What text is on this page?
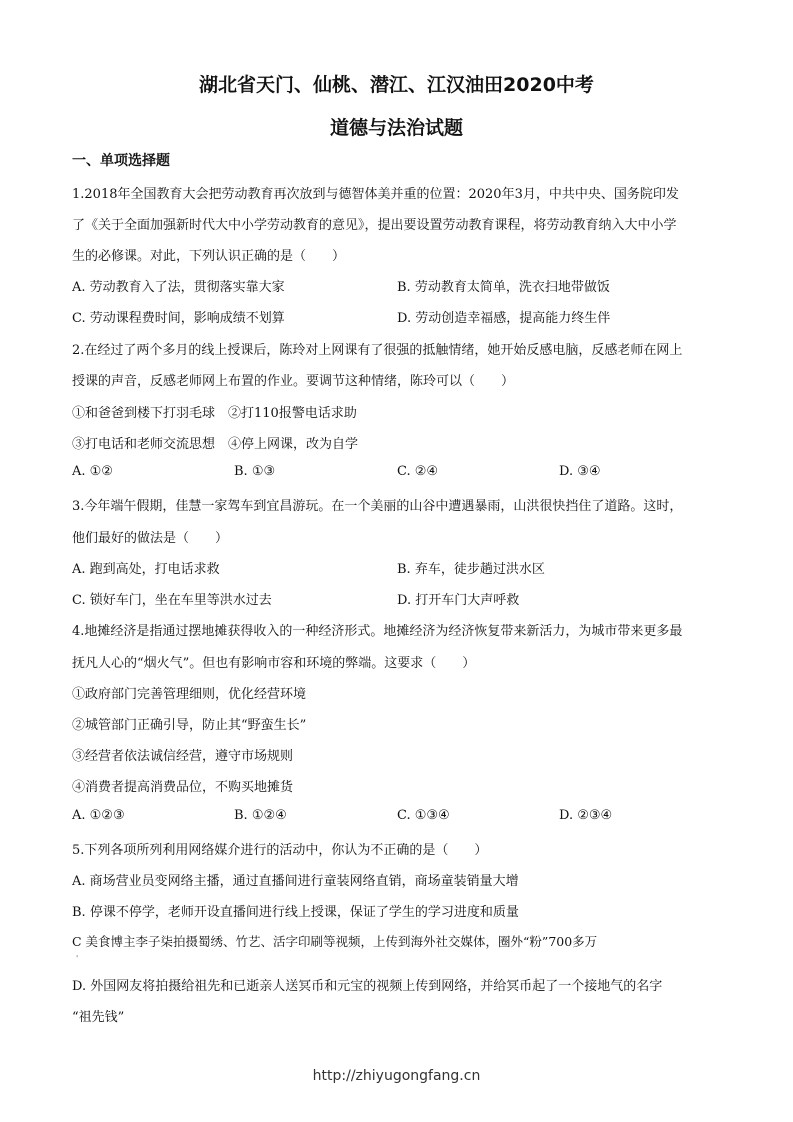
湖北省天门、仙桃、潜江、江汉油田2020中考
道德与法治试题
一、单项选择题
1.2018年全国教育大会把劳动教育再次放到与德智体美并重的位置：2020年3月，中共中央、国务院印发
了《关于全面加强新时代大中小学劳动教育的意见》，提出要设置劳动教育课程，将劳动教育纳入大中小学
生的必修课。对此，下列认识正确的是（　　）
A. 劳动教育入了法，贯彻落实靠大家	B. 劳动教育太简单，洗衣扫地带做饭
C. 劳动课程费时间，影响成绩不划算	D. 劳动创造幸福感，提高能力终生伴
2.在经过了两个多月的线上授课后，陈玲对上网课有了很强的抵触情绪，她开始反感电脑，反感老师在网上
授课的声音，反感老师网上布置的作业。要调节这种情绪，陈玲可以（　　）
①和爸爸到楼下打羽毛球　②打110报警电话求助
③打电话和老师交流思想　④停上网课，改为自学
A. ①②	B. ①③	C. ②④	D. ③④
3.今年端午假期，佳慧一家驾车到宜昌游玩。在一个美丽的山谷中遭遇暴雨，山洪很快挡住了道路。这时，
他们最好的做法是（　　）
A. 跑到高处，打电话求救	B. 弃车，徒步趟过洪水区
C. 锁好车门，坐在车里等洪水过去	D. 打开车门大声呼救
4.地摊经济是指通过摆地摊获得收入的一种经济形式。地摊经济为经济恢复带来新活力，为城市带来更多最
抚凡人心的“烟火气”。但也有影响市容和环境的弊端。这要求（　　）
①政府部门完善管理细则，优化经营环境
②城管部门正确引导，防止其“野蛮生长”
③经营者依法诚信经营，遵守市场规则
④消费者提高消费品位，不购买地摊货
A. ①②③	B. ①②④	C. ①③④	D. ②③④
5.下列各项所列利用网络媒介进行的活动中，你认为不正确的是（　　）
A. 商场营业员变网络主播，通过直播间进行童装网络直销，商场童装销量大增
B. 停课不停学，老师开设直播间进行线上授课，保证了学生的学习进度和质量
C 美食博主李子柒拍摄蜀绣、竹艺、活字印刷等视频，上传到海外社交媒体，圈外“粉”700多万
'
D. 外国网友将拍摄给祖先和已逝亲人送冥币和元宝的视频上传到网络，并给冥币起了一个接地气的名字
“祖先钱”
http://zhiyugongfang.cn
